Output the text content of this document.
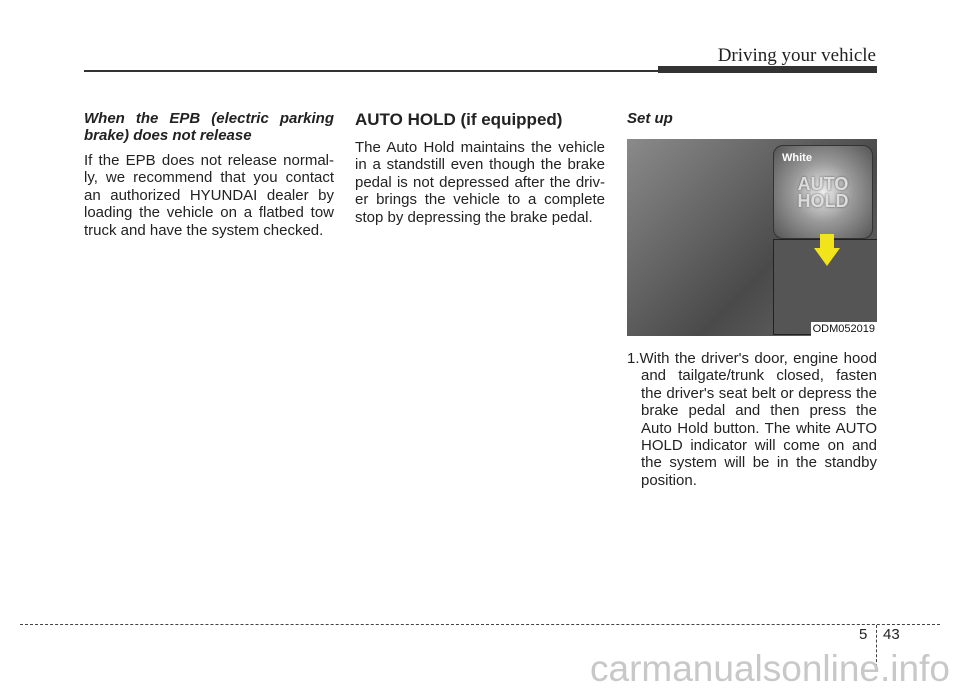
Driving your vehicle
When the EPB (electric parking brake) does not release

If the EPB does not release normal-ly, we recommend that you contact an authorized HYUNDAI dealer by loading the vehicle on a flatbed tow truck and have the system checked.

AUTO HOLD (if equipped)

The Auto Hold maintains the vehicle in a standstill even though the brake pedal is not depressed after the driv-er brings the vehicle to a complete stop by depressing the brake pedal.

Set up
White
AUTO HOLD
ODM052019
1.With the driver's door, engine hood and tailgate/trunk closed, fasten the driver's seat belt or depress the brake pedal and then press the Auto Hold button. The white AUTO HOLD indicator will come on and the system will be in the standby position.
5 43
carmanualsonline.info
